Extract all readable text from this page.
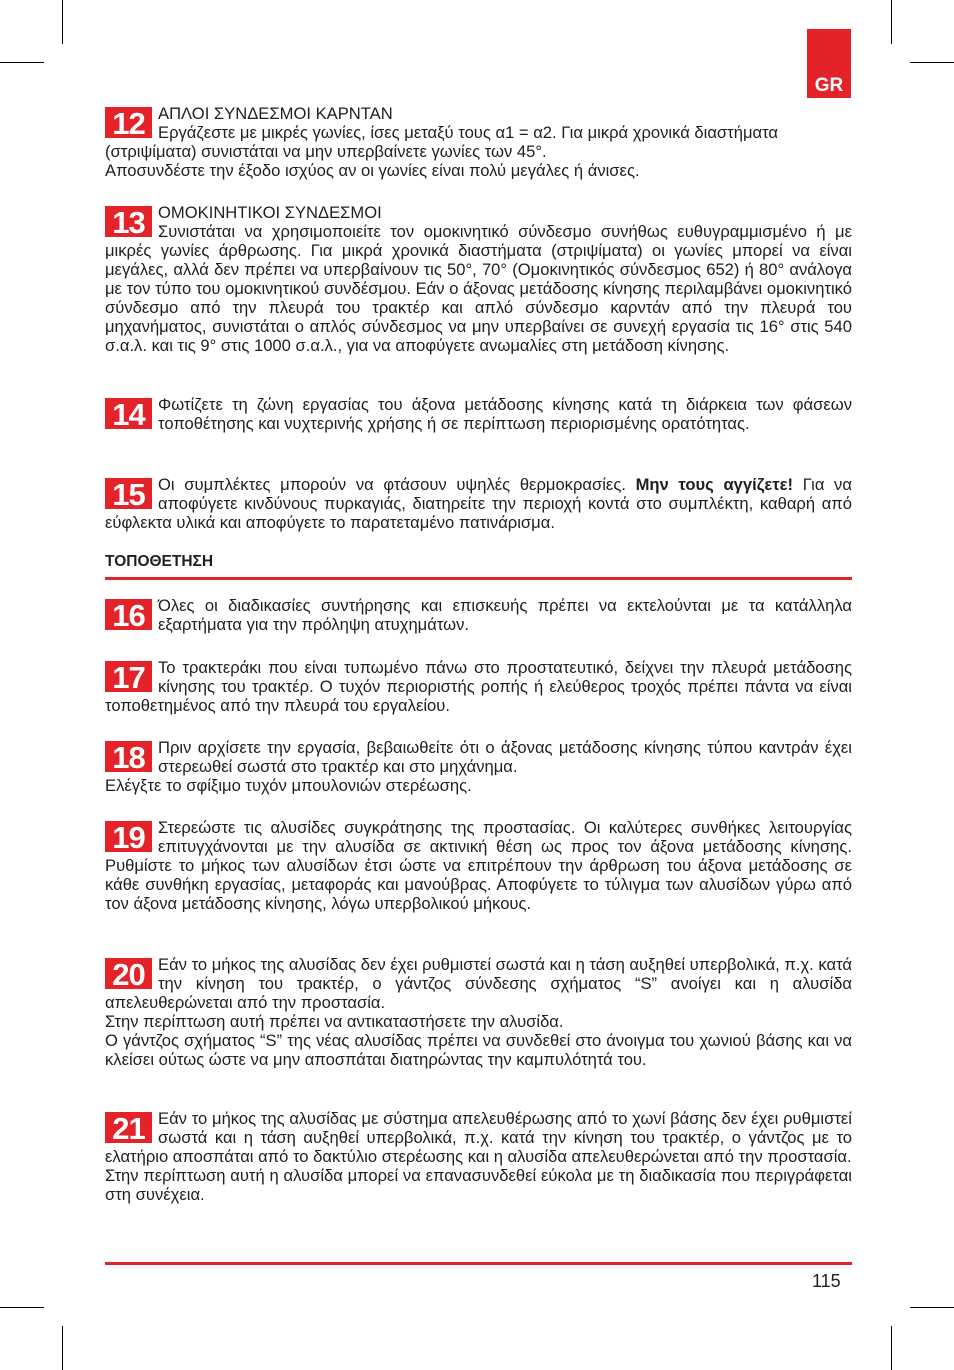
GR
12 ΑΠΛΟΙ ΣΥΝΔΕΣΜΟΙ ΚΑΡΝΤΑΝ

Εργάζεστε με μικρές γωνίες, ίσες μεταξύ τους α1 = α2. Για μικρά χρονικά διαστήματα (στριψίματα) συνιστάται να μην υπερβαίνετε γωνίες των 45°.

Αποσυνδέστε την έξοδο ισχύος αν οι γωνίες είναι πολύ μεγάλες ή άνισες.

13 ΟΜΟΚΙΝΗΤΙΚΟΙ ΣΥΝΔΕΣΜΟΙ

Συνιστάται να χρησιμοποιείτε τον ομοκινητικό σύνδεσμο συνήθως ευθυγραμμισμένο ή με μικρές γωνίες άρθρωσης. Για μικρά χρονικά διαστήματα (στριψίματα) οι γωνίες μπορεί να είναι μεγάλες, αλλά δεν πρέπει να υπερβαίνουν τις 50°, 70° (Ομοκινητικός σύνδεσμος 652) ή 80° ανάλογα με τον τύπο του ομοκινητικού συνδέσμου. Εάν ο άξονας μετάδοσης κίνησης περιλαμβάνει ομοκινητικό σύνδεσμο από την πλευρά του τρακτέρ και απλό σύνδεσμο καρντάν από την πλευρά του μηχανήματος, συνιστάται ο απλός σύνδεσμος να μην υπερβαίνει σε συνεχή εργασία τις 16° στις 540 σ.α.λ. και τις 9° στις 1000 σ.α.λ., για να αποφύγετε ανωμαλίες στη μετάδοση κίνησης.

14 Φωτίζετε τη ζώνη εργασίας του άξονα μετάδοσης κίνησης κατά τη διάρκεια των φάσεων τοποθέτησης και νυχτερινής χρήσης ή σε περίπτωση περιορισμένης ορατότητας.

15 Οι συμπλέκτες μπορούν να φτάσουν υψηλές θερμοκρασίες. Μην τους αγγίζετε! Για να αποφύγετε κινδύνους πυρκαγιάς, διατηρείτε την περιοχή κοντά στο συμπλέκτη, καθαρή από εύφλεκτα υλικά και αποφύγετε το παρατεταμένο πατινάρισμα.

ΤΟΠΟΘΕΤΗΣΗ
16 Όλες οι διαδικασίες συντήρησης και επισκευής πρέπει να εκτελούνται με τα κατάλληλα εξαρτήματα για την πρόληψη ατυχημάτων.

17 Το τρακτεράκι που είναι τυπωμένο πάνω στο προστατευτικό, δείχνει την πλευρά μετάδοσης κίνησης του τρακτέρ. Ο τυχόν περιοριστής ροπής ή ελεύθερος τροχός πρέπει πάντα να είναι τοποθετημένος από την πλευρά του εργαλείου.

18 Πριν αρχίσετε την εργασία, βεβαιωθείτε ότι ο άξονας μετάδοσης κίνησης τύπου καντράν έχει στερεωθεί σωστά στο τρακτέρ και στο μηχάνημα.

Ελέγξτε το σφίξιμο τυχόν μπουλονιών στερέωσης.

19 Στερεώστε τις αλυσίδες συγκράτησης της προστασίας. Οι καλύτερες συνθήκες λειτουργίας επιτυγχάνονται με την αλυσίδα σε ακτινική θέση ως προς τον άξονα μετάδοσης κίνησης. Ρυθμίστε το μήκος των αλυσίδων έτσι ώστε να επιτρέπουν την άρθρωση του άξονα μετάδοσης σε κάθε συνθήκη εργασίας, μεταφοράς και μανούβρας. Αποφύγετε το τύλιγμα των αλυσίδων γύρω από τον άξονα μετάδοσης κίνησης, λόγω υπερβολικού μήκους.

20 Εάν το μήκος της αλυσίδας δεν έχει ρυθμιστεί σωστά και η τάση αυξηθεί υπερβολικά, π.χ. κατά την κίνηση του τρακτέρ, ο γάντζος σύνδεσης σχήματος “S” ανοίγει και η αλυσίδα απελευθερώνεται από την προστασία.

Στην περίπτωση αυτή πρέπει να αντικαταστήσετε την αλυσίδα.

Ο γάντζος σχήματος “S” της νέας αλυσίδας πρέπει να συνδεθεί στο άνοιγμα του χωνιού βάσης και να κλείσει ούτως ώστε να μην αποσπάται διατηρώντας την καμπυλότητά του.

21 Εάν το μήκος της αλυσίδας με σύστημα απελευθέρωσης από το χωνί βάσης δεν έχει ρυθμιστεί σωστά και η τάση αυξηθεί υπερβολικά, π.χ. κατά την κίνηση του τρακτέρ, ο γάντζος με το ελατήριο αποσπάται από το δακτύλιο στερέωσης και η αλυσίδα απελευθερώνεται από την προστασία.

Στην περίπτωση αυτή η αλυσίδα μπορεί να επανασυνδεθεί εύκολα με τη διαδικασία που περιγράφεται στη συνέχεια.

115
